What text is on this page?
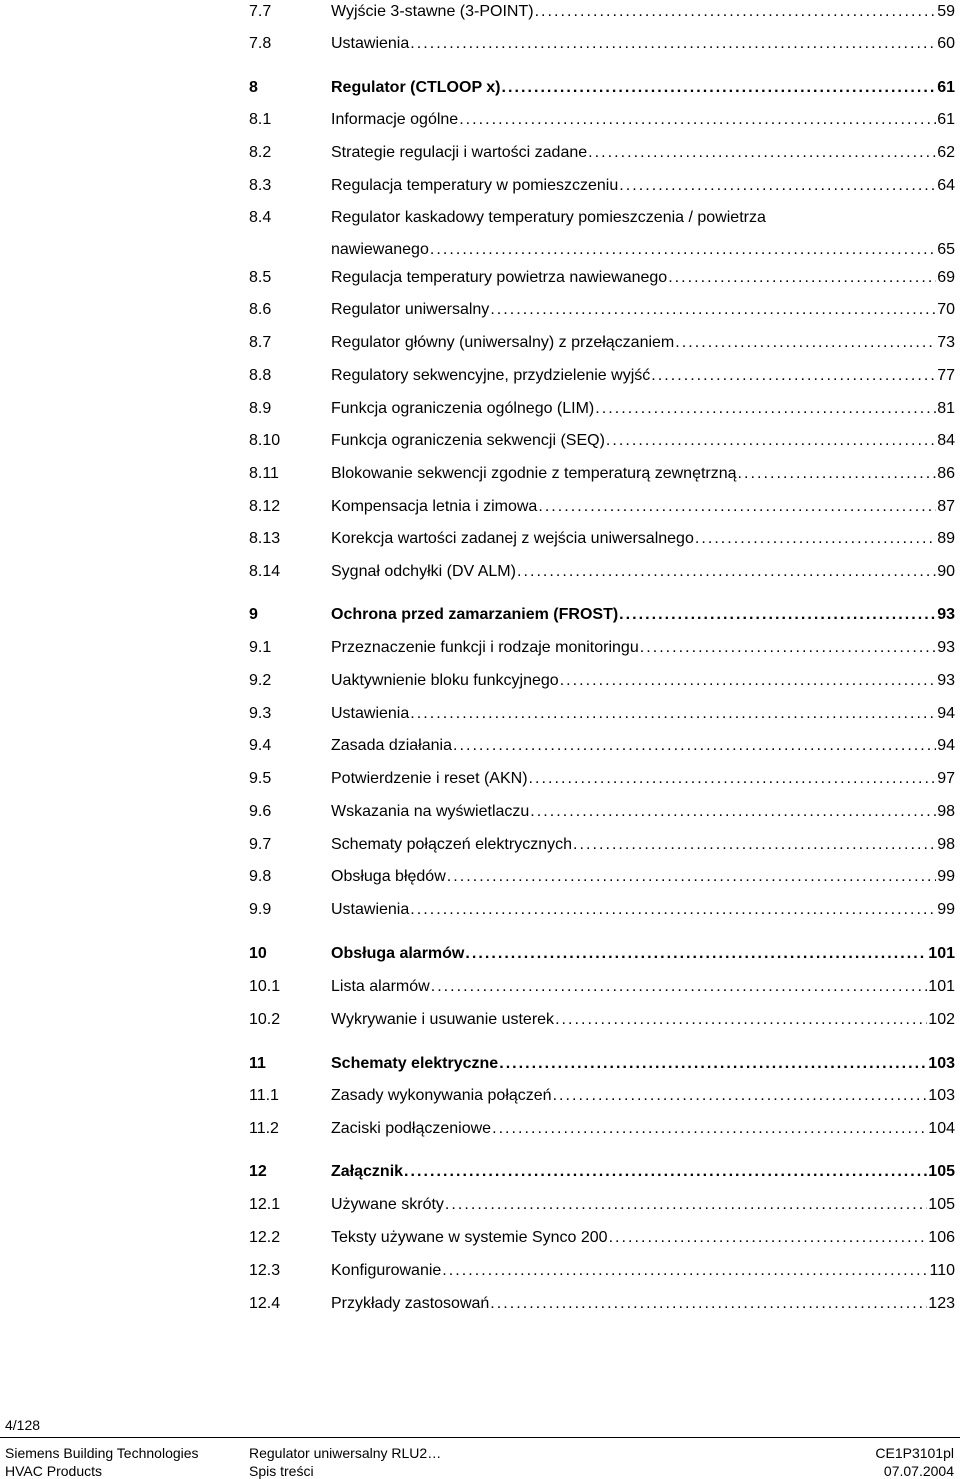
7.7	Wyjście 3-stawne (3-POINT) . . .	59
7.8	Ustawienia . . .	60
8	Regulator (CTLOOP x) . . .	61
8.1	Informacje ogólne . . .	61
8.2	Strategie regulacji i wartości zadane . . .	62
8.3	Regulacja temperatury w pomieszczeniu . . .	64
8.4	Regulator kaskadowy temperatury pomieszczenia / powietrza
nawiewanego . . .	65
8.5	Regulacja temperatury powietrza nawiewanego . . .	69
8.6	Regulator uniwersalny . . .	70
8.7	Regulator główny (uniwersalny) z przełączaniem . . .	73
8.8	Regulatory sekwencyjne, przydzielenie wyjść . . .	77
8.9	Funkcja ograniczenia ogólnego (LIM) . . .	81
8.10	Funkcja ograniczenia sekwencji (SEQ) . . .	84
8.11	Blokowanie sekwencji zgodnie z temperaturą zewnętrzną . . .	86
8.12	Kompensacja letnia i zimowa . . .	87
8.13	Korekcja wartości zadanej z wejścia uniwersalnego . . .	89
8.14	Sygnał odchyłki (DV ALM) . . .	90
9	Ochrona przed zamarzaniem (FROST) . . .	93
9.1	Przeznaczenie funkcji i rodzaje monitoringu . . .	93
9.2	Uaktywnienie bloku funkcyjnego . . .	93
9.3	Ustawienia . . .	94
9.4	Zasada działania . . .	94
9.5	Potwierdzenie i reset (AKN) . . .	97
9.6	Wskazania na wyświetlaczu . . .	98
9.7	Schematy połączeń elektrycznych . . .	98
9.8	Obsługa błędów . . .	99
9.9	Ustawienia . . .	99
10	Obsługa alarmów . . .	101
10.1	Lista alarmów . . .	101
10.2	Wykrywanie i usuwanie usterek . . .	102
11	Schematy elektryczne . . .	103
11.1	Zasady wykonywania połączeń . . .	103
11.2	Zaciski podłączeniowe . . .	104
12	Załącznik . . .	105
12.1	Używane skróty . . .	105
12.2	Teksty używane w systemie Synco 200 . . .	106
12.3	Konfigurowanie . . .	110
12.4	Przykłady zastosowań . . .	123
4/128
Siemens Building Technologies
HVAC Products
Regulator uniwersalny RLU2…
Spis treści
CE1P3101pl
07.07.2004
